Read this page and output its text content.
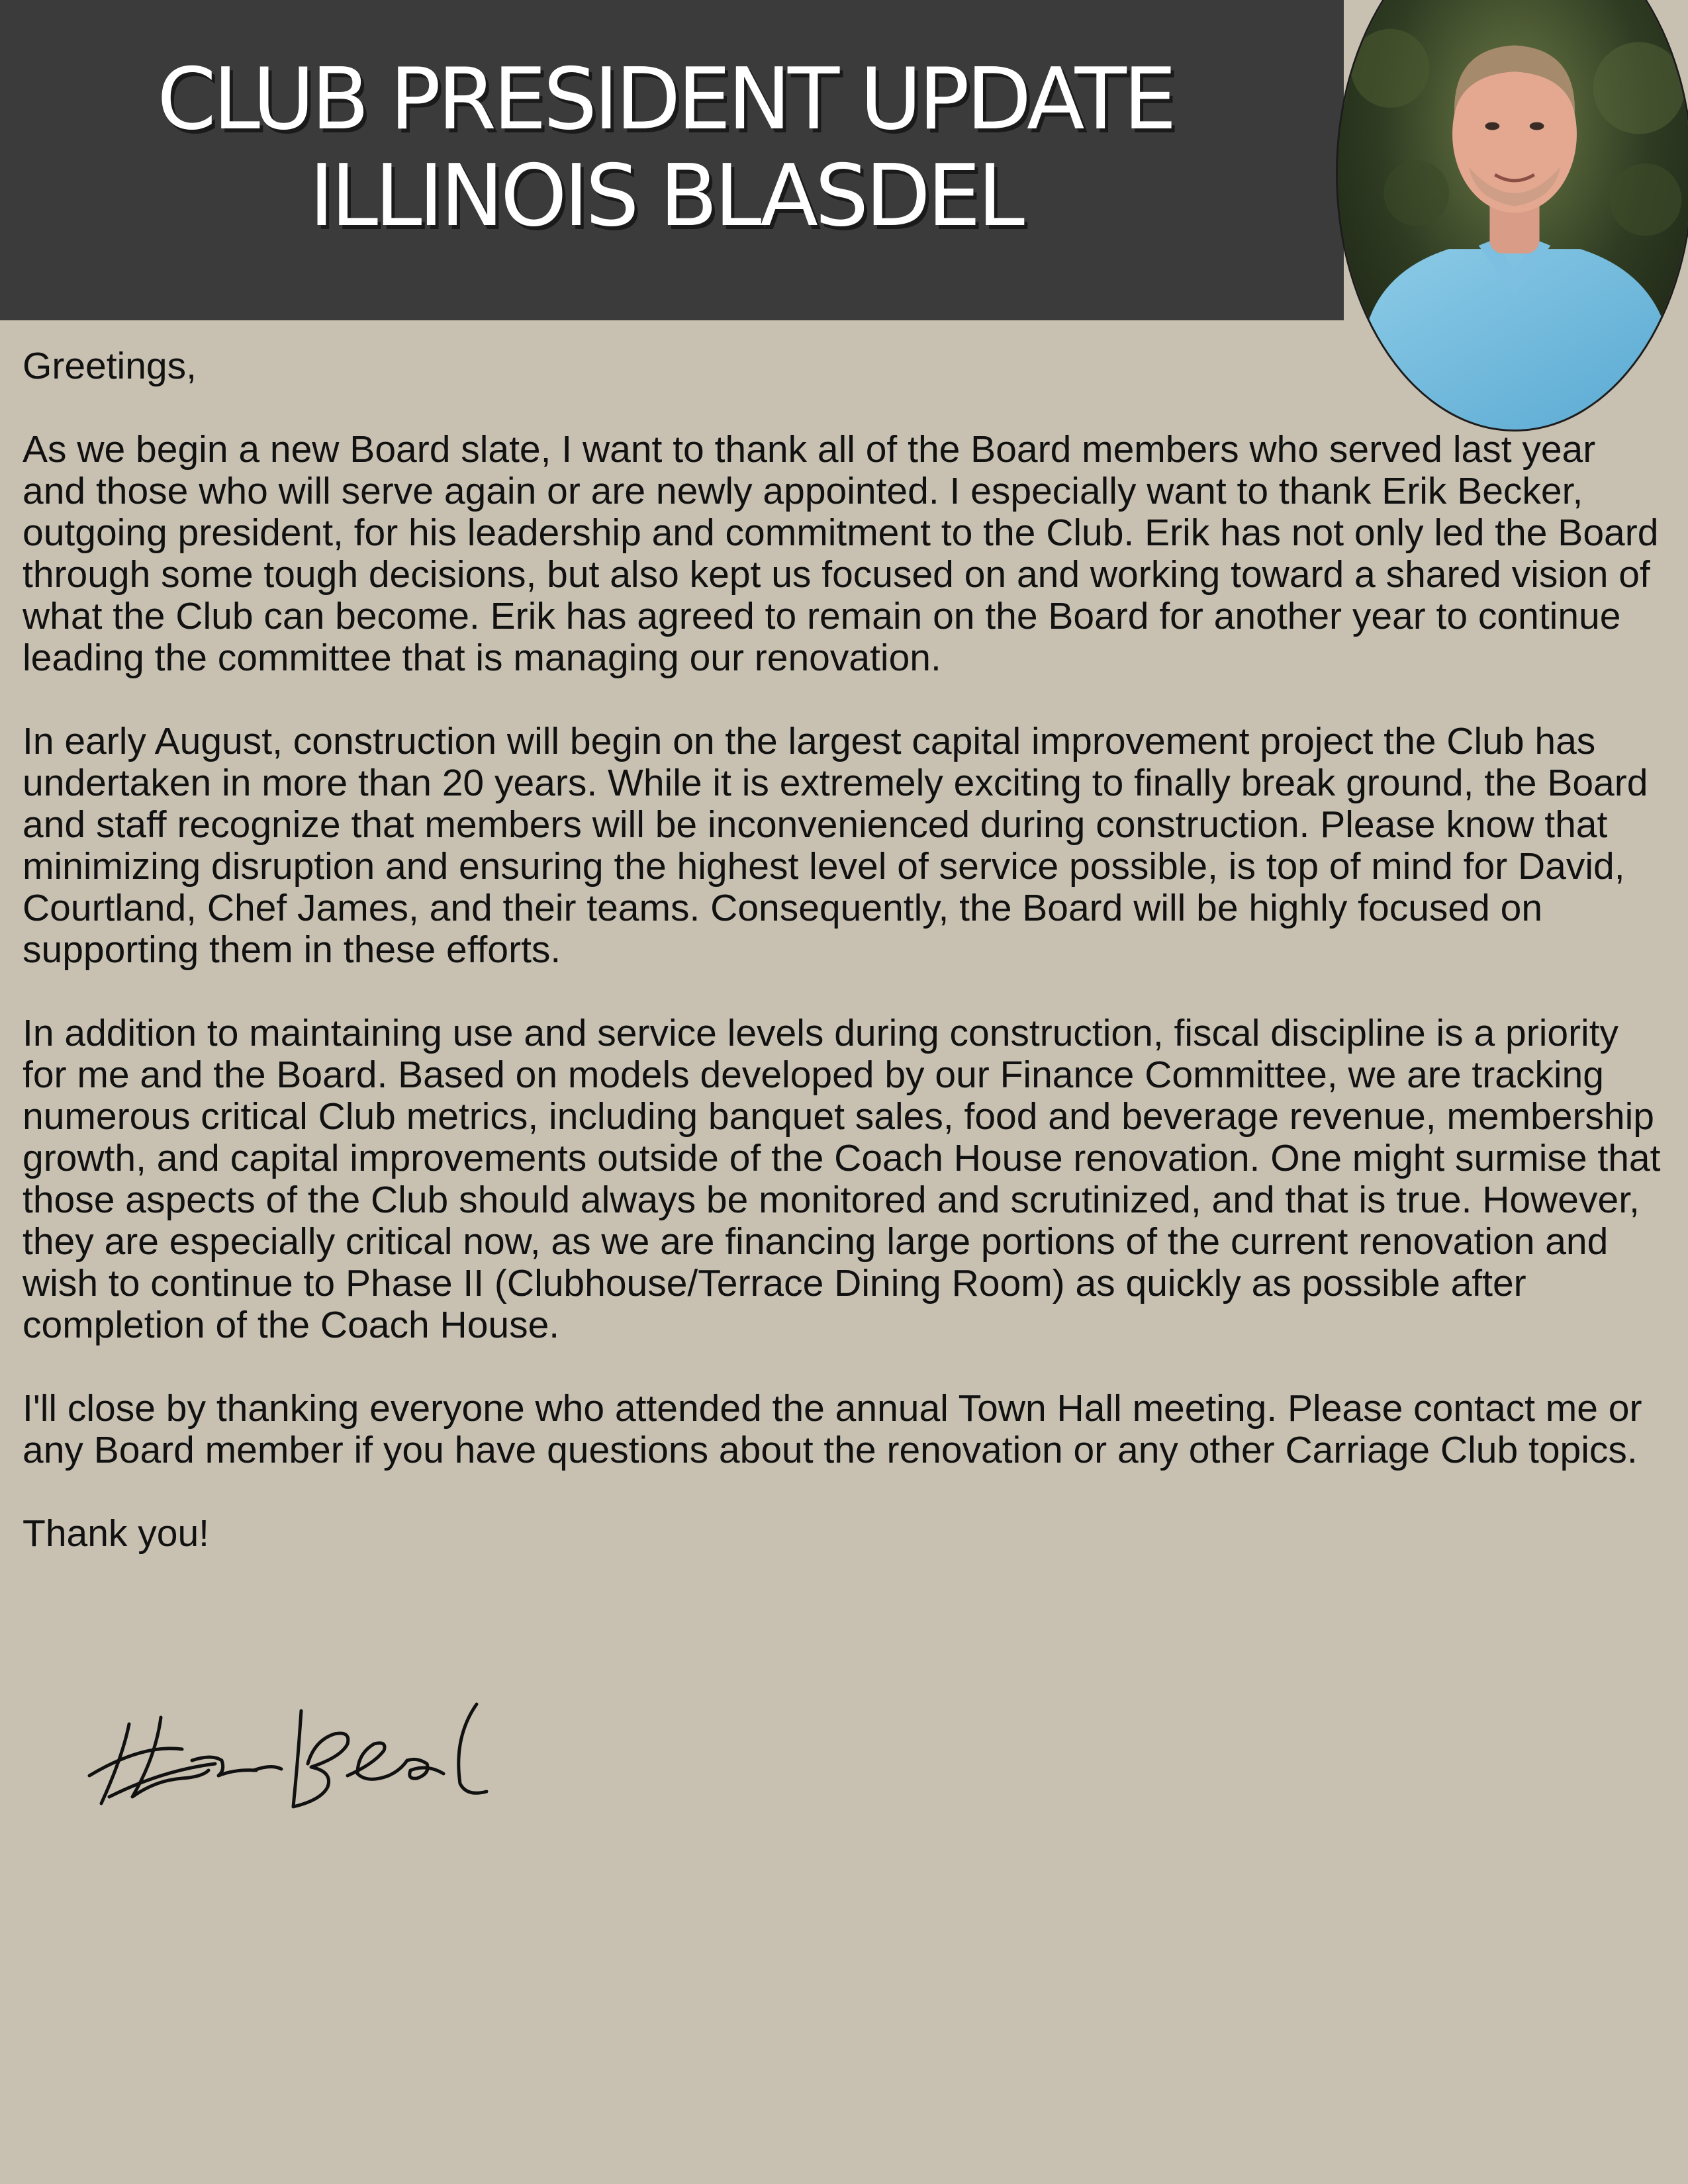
CLUB PRESIDENT UPDATE
ILLINOIS BLASDEL

Greetings,

As we begin a new Board slate, I want to thank all of the Board members who served last year and those who will serve again or are newly appointed. I especially want to thank Erik Becker, outgoing president, for his leadership and commitment to the Club. Erik has not only led the Board through some tough decisions, but also kept us focused on and working toward a shared vision of what the Club can become. Erik has agreed to remain on the Board for another year to continue leading the committee that is managing our renovation.

In early August, construction will begin on the largest capital improvement project the Club has undertaken in more than 20 years. While it is extremely exciting to finally break ground, the Board and staff recognize that members will be inconvenienced during construction. Please know that minimizing disruption and ensuring the highest level of service possible, is top of mind for David, Courtland, Chef James, and their teams. Consequently, the Board will be highly focused on supporting them in these efforts.

In addition to maintaining use and service levels during construction, fiscal discipline is a priority for me and the Board. Based on models developed by our Finance Committee, we are tracking numerous critical Club metrics, including banquet sales, food and beverage revenue, membership growth, and capital improvements outside of the Coach House renovation. One might surmise that those aspects of the Club should always be monitored and scrutinized, and that is true. However, they are especially critical now, as we are financing large portions of the current renovation and wish to continue to Phase II (Clubhouse/Terrace Dining Room) as quickly as possible after completion of the Coach House.

I'll close by thanking everyone who attended the annual Town Hall meeting. Please contact me or any Board member if you have questions about the renovation or any other Carriage Club topics.

Thank you!
